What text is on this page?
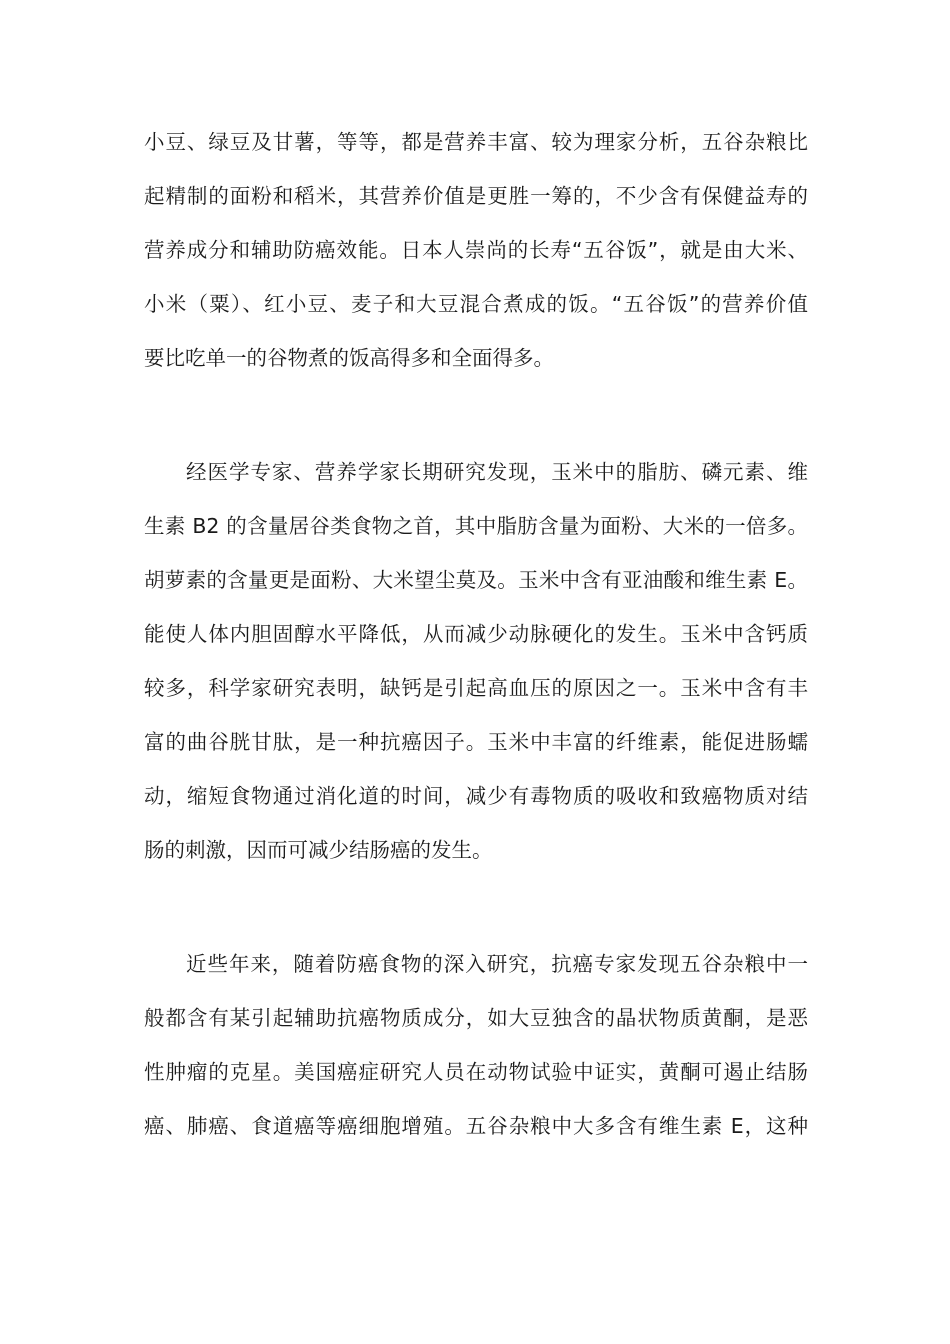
小豆、绿豆及甘薯，等等，都是营养丰富、较为理家分析，五谷杂粮比
起精制的面粉和稻米，其营养价值是更胜一筹的，不少含有保健益寿的
营养成分和辅助防癌效能。日本人崇尚的长寿“五谷饭”，就是由大米、
小米（粟）、红小豆、麦子和大豆混合煮成的饭。“五谷饭”的营养价值
要比吃单一的谷物煮的饭高得多和全面得多。
经医学专家、营养学家长期研究发现，玉米中的脂肪、磷元素、维
生素 B2 的含量居谷类食物之首，其中脂肪含量为面粉、大米的一倍多。
胡萝素的含量更是面粉、大米望尘莫及。玉米中含有亚油酸和维生素 E。
能使人体内胆固醇水平降低，从而减少动脉硬化的发生。玉米中含钙质
较多，科学家研究表明，缺钙是引起高血压的原因之一。玉米中含有丰
富的曲谷胱甘肽，是一种抗癌因子。玉米中丰富的纤维素，能促进肠蠕
动，缩短食物通过消化道的时间，减少有毒物质的吸收和致癌物质对结
肠的刺激，因而可减少结肠癌的发生。
近些年来，随着防癌食物的深入研究，抗癌专家发现五谷杂粮中一
般都含有某引起辅助抗癌物质成分，如大豆独含的晶状物质黄酮，是恶
性肿瘤的克星。美国癌症研究人员在动物试验中证实，黄酮可遏止结肠
癌、肺癌、食道癌等癌细胞增殖。五谷杂粮中大多含有维生素 E，这种
